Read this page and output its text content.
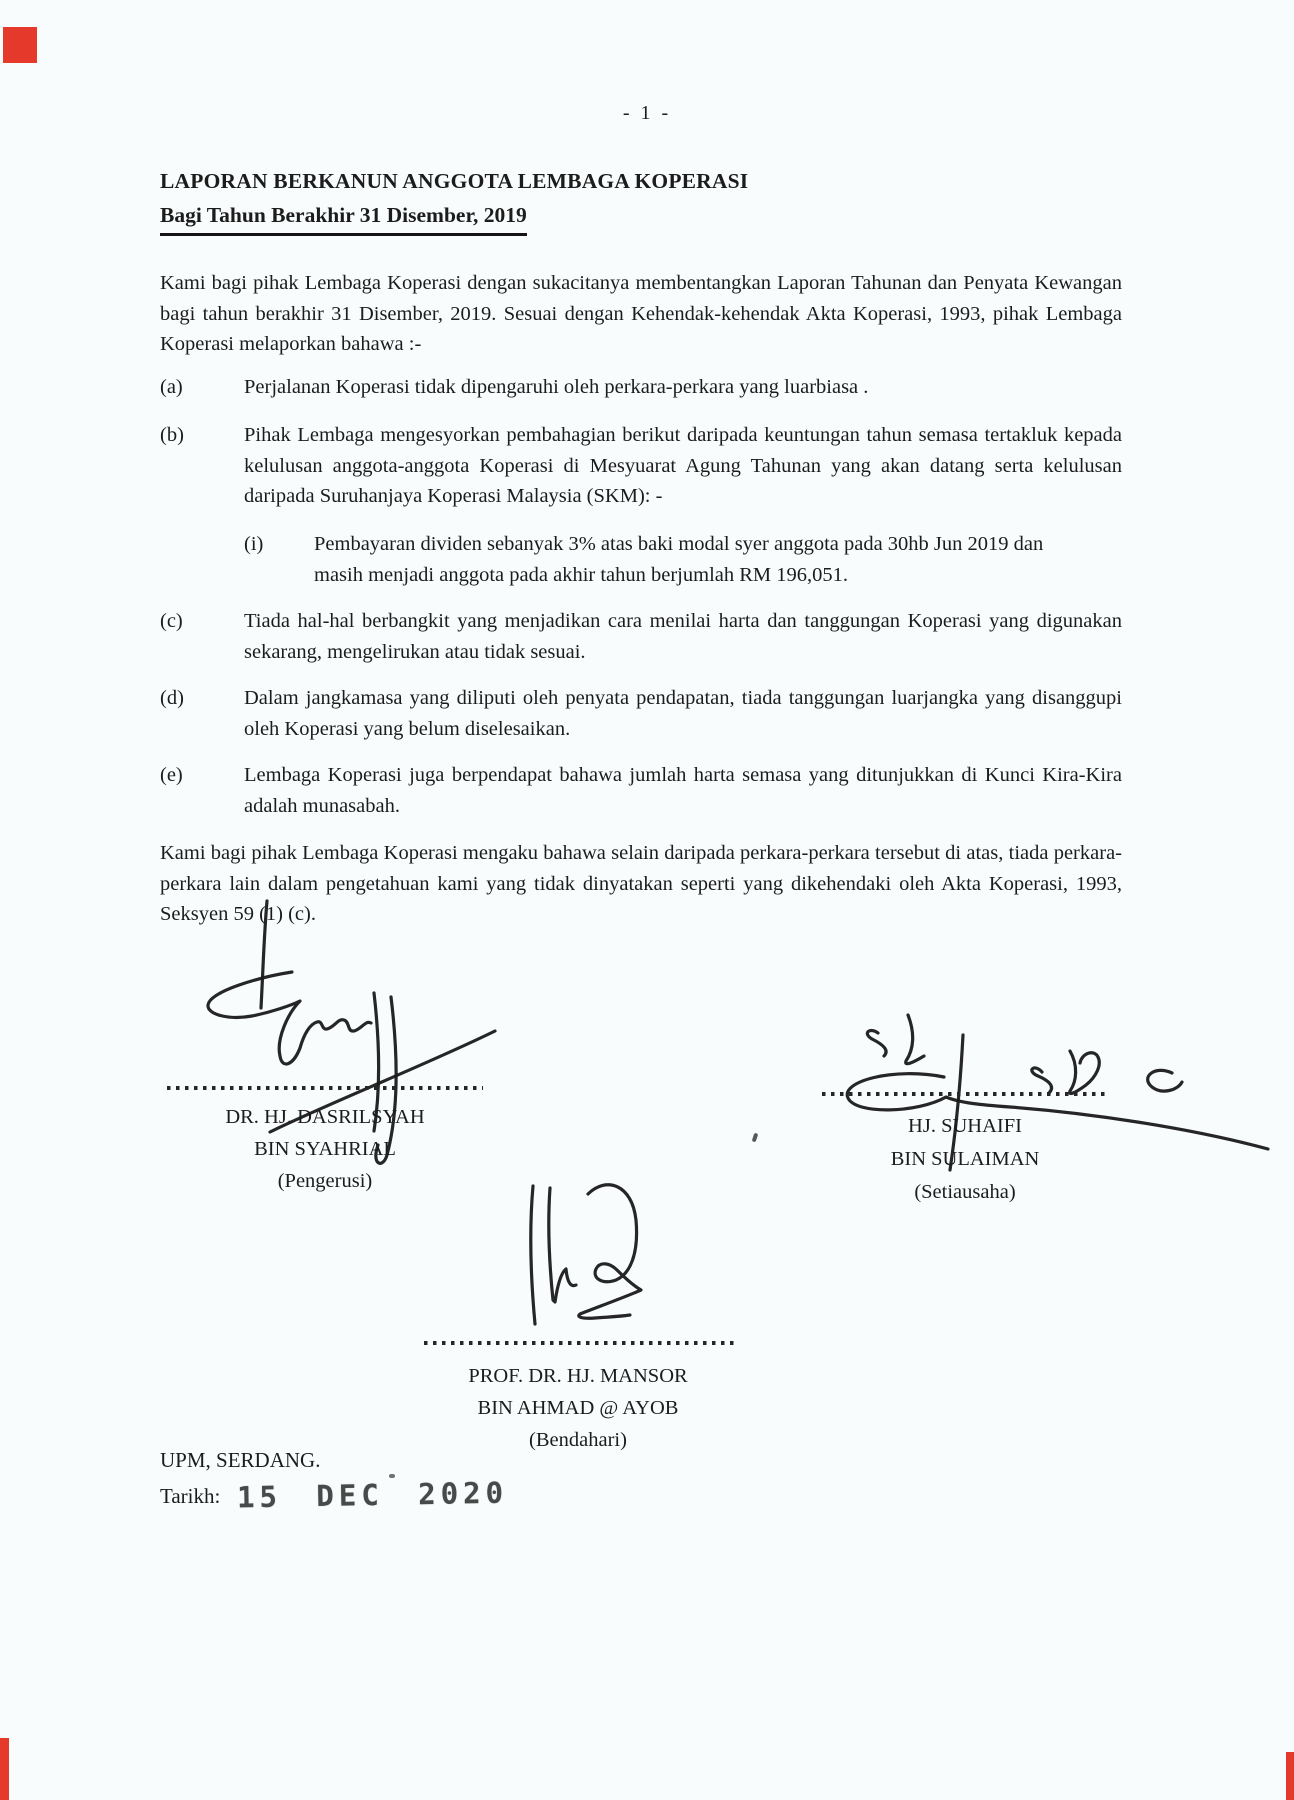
- 1 -
LAPORAN BERKANUN ANGGOTA LEMBAGA KOPERASI
Bagi Tahun Berakhir 31 Disember, 2019
Kami bagi pihak Lembaga Koperasi dengan sukacitanya membentangkan Laporan Tahunan dan Penyata Kewangan bagi tahun berakhir 31 Disember, 2019. Sesuai dengan Kehendak-kehendak Akta Koperasi, 1993, pihak Lembaga Koperasi melaporkan bahawa :-
(a)	Perjalanan Koperasi tidak dipengaruhi oleh perkara-perkara yang luarbiasa .
(b)	Pihak Lembaga mengesyorkan pembahagian berikut daripada keuntungan tahun semasa tertakluk kepada kelulusan anggota-anggota Koperasi di Mesyuarat Agung Tahunan yang akan datang serta kelulusan daripada Suruhanjaya Koperasi Malaysia (SKM): -
(i) Pembayaran dividen sebanyak 3% atas baki modal syer anggota pada 30hb Jun 2019 dan masih menjadi anggota pada akhir tahun berjumlah RM 196,051.
(c)	Tiada hal-hal berbangkit yang menjadikan cara menilai harta dan tanggungan Koperasi yang digunakan sekarang, mengelirukan atau tidak sesuai.
(d)	Dalam jangkamasa yang diliputi oleh penyata pendapatan, tiada tanggungan luarjangka yang disanggupi oleh Koperasi yang belum diselesaikan.
(e)	Lembaga Koperasi juga berpendapat bahawa jumlah harta semasa yang ditunjukkan di Kunci Kira-Kira adalah munasabah.
Kami bagi pihak Lembaga Koperasi mengaku bahawa selain daripada perkara-perkara tersebut di atas, tiada perkara-perkara lain dalam pengetahuan kami yang tidak dinyatakan seperti yang dikehendaki oleh Akta Koperasi, 1993, Seksyen 59 (1) (c).
DR. HJ. DASRILSYAH
BIN SYAHRIAL
(Pengerusi)
HJ. SUHAIFI
BIN SULAIMAN
(Setiausaha)
PROF. DR. HJ. MANSOR
BIN AHMAD @ AYOB
(Bendahari)
UPM, SERDANG.
Tarikh: 15 DEC 2020
